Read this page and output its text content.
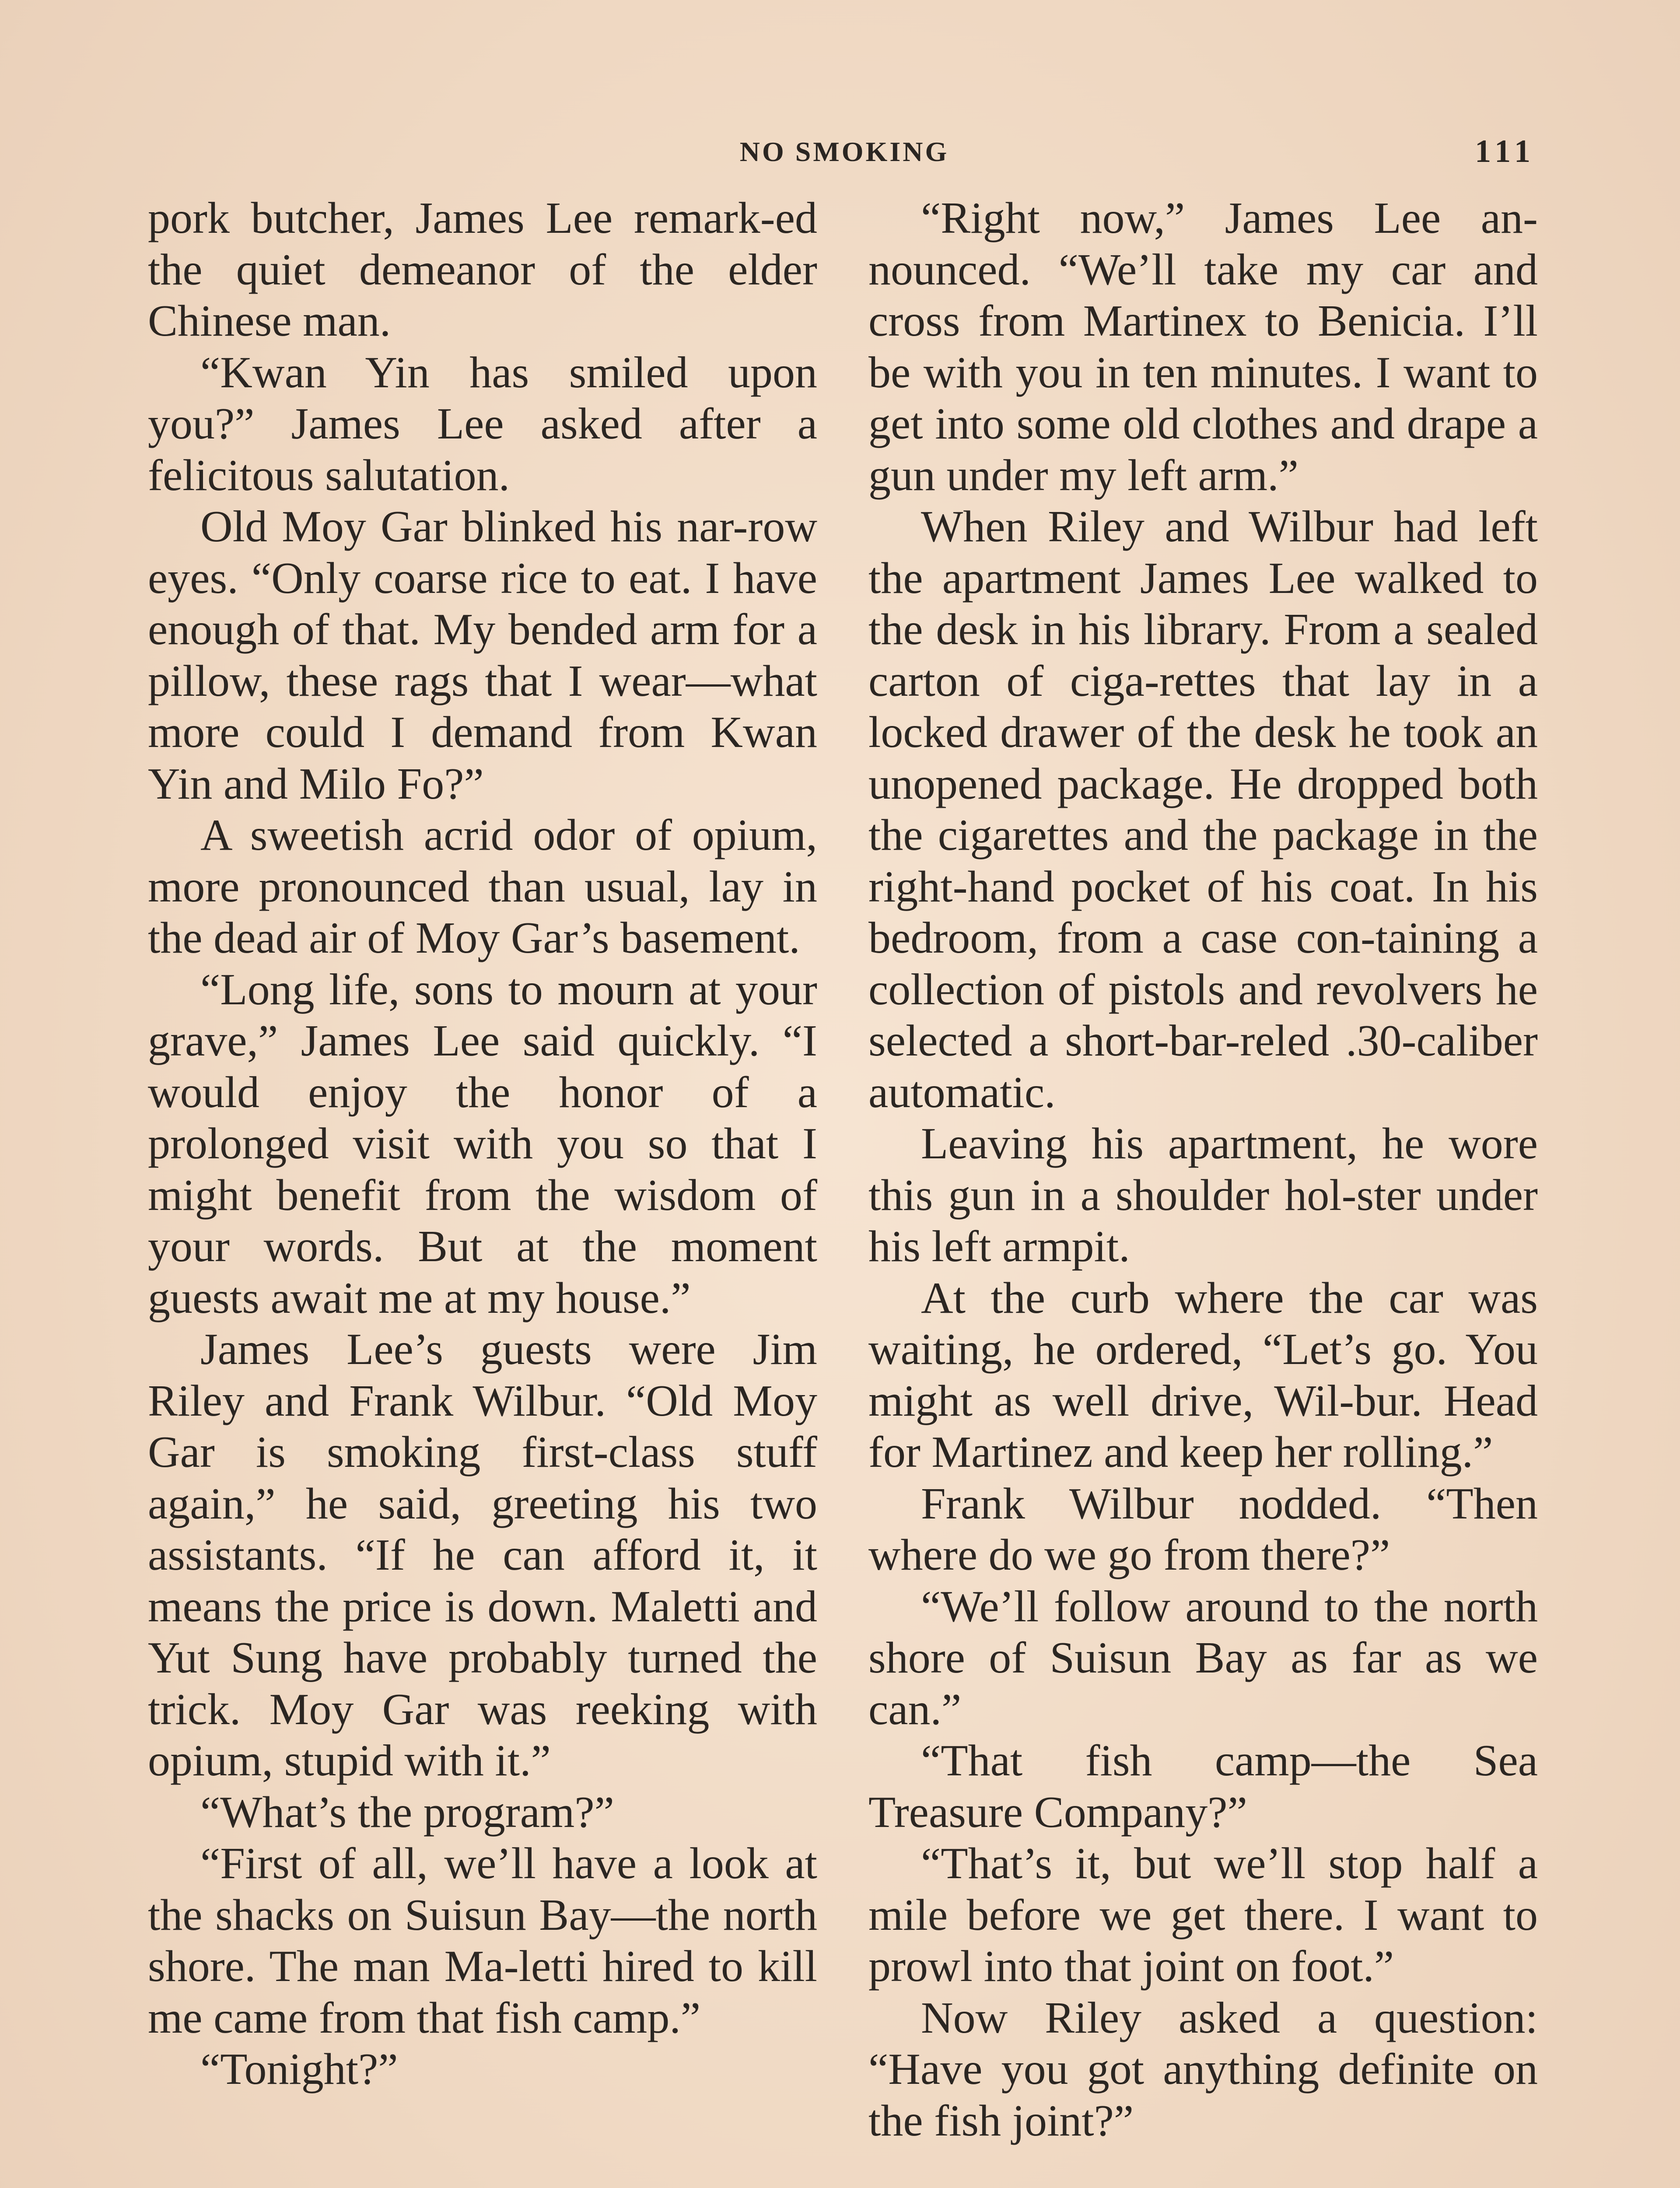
NO SMOKING	111

pork butcher, James Lee remark-ed the quiet demeanor of the elder Chinese man.

“Kwan Yin has smiled upon you?” James Lee asked after a felicitous salutation.

Old Moy Gar blinked his nar-row eyes. “Only coarse rice to eat. I have enough of that. My bended arm for a pillow, these rags that I wear—what more could I demand from Kwan Yin and Milo Fo?”

A sweetish acrid odor of opium, more pronounced than usual, lay in the dead air of Moy Gar’s basement.

“Long life, sons to mourn at your grave,” James Lee said quickly. “I would enjoy the honor of a prolonged visit with you so that I might benefit from the wisdom of your words. But at the moment guests await me at my house.”

James Lee’s guests were Jim Riley and Frank Wilbur. “Old Moy Gar is smoking first-class stuff again,” he said, greeting his two assistants. “If he can afford it, it means the price is down. Maletti and Yut Sung have probably turned the trick. Moy Gar was reeking with opium, stupid with it.”

“What’s the program?”

“First of all, we’ll have a look at the shacks on Suisun Bay—the north shore. The man Ma-letti hired to kill me came from that fish camp.”

“Tonight?”

“Right now,” James Lee an-nounced. “We’ll take my car and cross from Martinex to Benicia. I’ll be with you in ten minutes. I want to get into some old clothes and drape a gun under my left arm.”

When Riley and Wilbur had left the apartment James Lee walked to the desk in his library. From a sealed carton of ciga-rettes that lay in a locked drawer of the desk he took an unopened package. He dropped both the cigarettes and the package in the right-hand pocket of his coat. In his bedroom, from a case con-taining a collection of pistols and revolvers he selected a short-bar-reled .30-caliber automatic.

Leaving his apartment, he wore this gun in a shoulder hol-ster under his left armpit.

At the curb where the car was waiting, he ordered, “Let’s go. You might as well drive, Wil-bur. Head for Martinez and keep her rolling.”

Frank Wilbur nodded. “Then where do we go from there?”

“We’ll follow around to the north shore of Suisun Bay as far as we can.”

“That fish camp—the Sea Treasure Company?”

“That’s it, but we’ll stop half a mile before we get there. I want to prowl into that joint on foot.”

Now Riley asked a question: “Have you got anything definite on the fish joint?”
